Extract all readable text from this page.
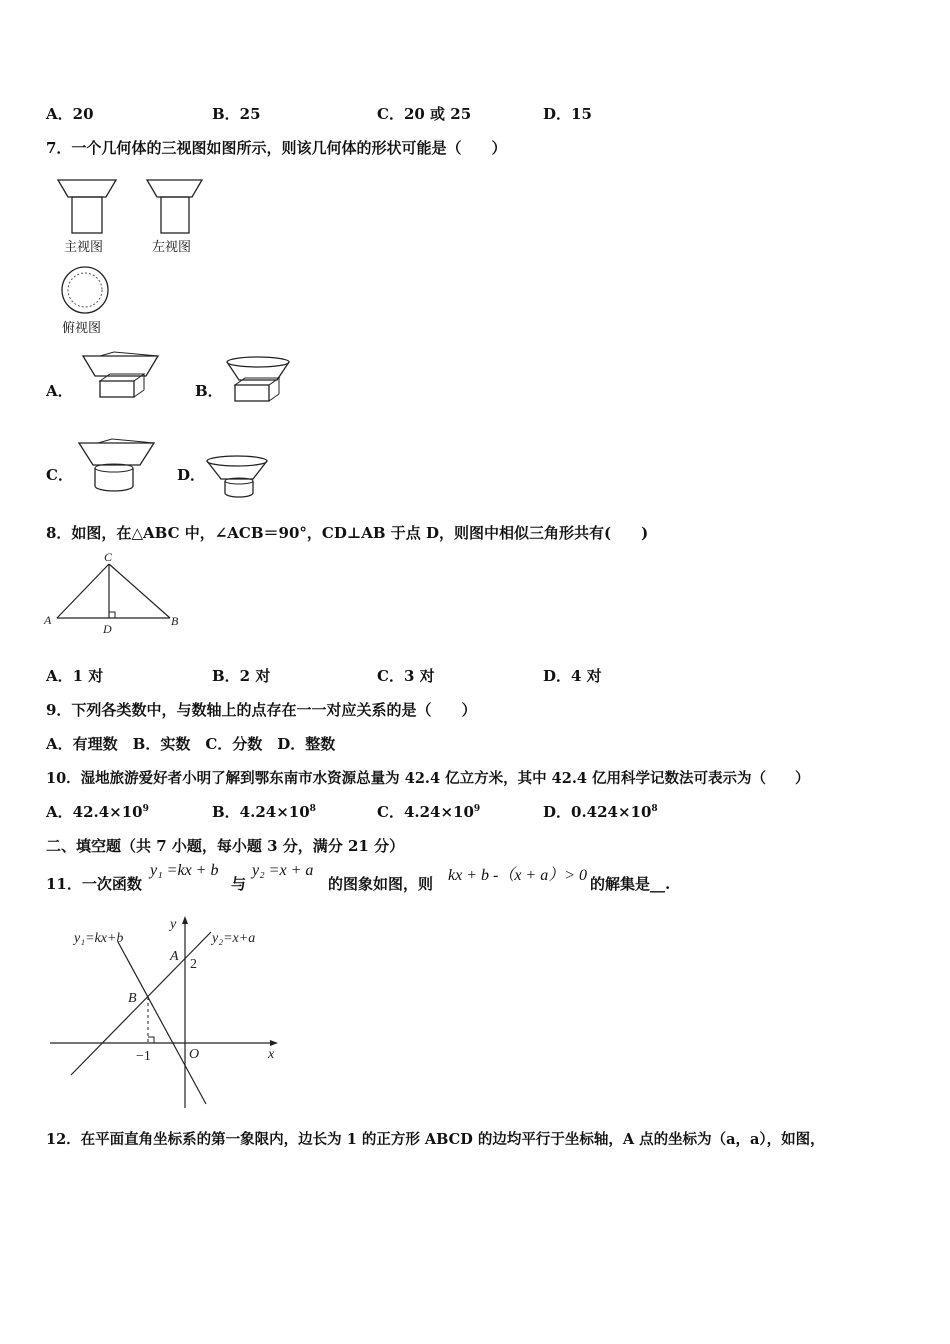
A．20	B．25	C．20 或 25	D．15
7．一个几何体的三视图如图所示，则该几何体的形状可能是（　　）
主视图	左视图
俯视图
A．	B．
C．	D．
8．如图，在△ABC 中，∠ACB＝90°，CD⊥AB 于点 D，则图中相似三角形共有(　　)
C
A
D
B
A．1 对	B．2 对	C．3 对	D．4 对
9．下列各类数中，与数轴上的点存在一一对应关系的是（　　）
A．有理数　B．实数　C．分数　D．整数
10．湿地旅游爱好者小明了解到鄂东南市水资源总量为 42.4 亿立方米，其中 42.4 亿用科学记数法可表示为（　　）
A．$42.4\times 10^9$	B．$4.24\times 10^8$	C．$4.24\times 10^9$	D．$0.424\times 10^8$
二、填空题（共 7 小题，每小题 3 分，满分 21 分）
11．一次函数
y₁ =kx + b
与
y₂ =x + a
的图象如图，则 kx + b -（x + a）> 0 的解集是__.
y₁=kx+b	y₂=x+a
y
x
O
A
2
B
−1
12．在平面直角坐标系的第一象限内，边长为 1 的正方形 ABCD 的边均平行于坐标轴，A 点的坐标为（a，a），如图，
